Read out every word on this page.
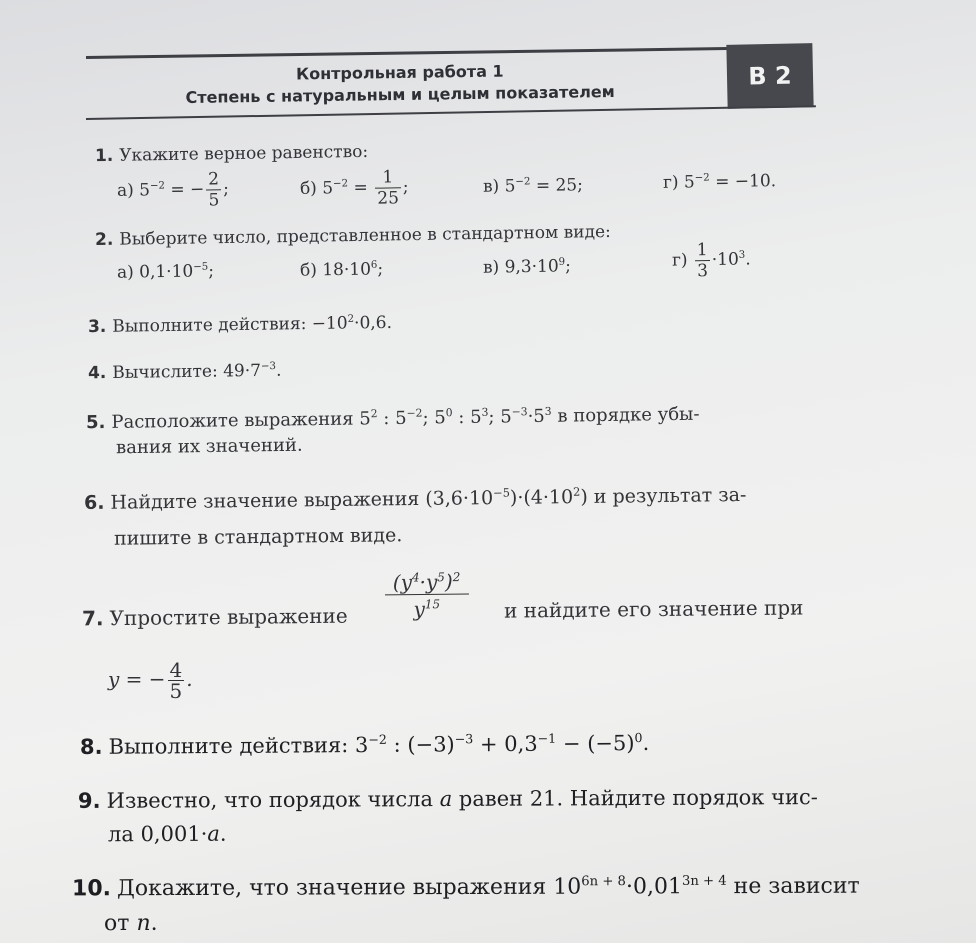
Контрольная работа 1
Степень с натуральным и целым показателем
В 2
1. Укажите верное равенство:
а) $5^{-2}$ = − $\frac{2}{5}$ ;	б) $5^{-2} = \frac{1}{25}$ ;	в) $5^{-2} = 25$;	г) $5^{-2} = -10$.
2. Выберите число, представленное в стандартном виде:
а) $0,1\cdot 10^{-5}$;	б) $18\cdot 10^6$;	в) $9,3\cdot 10^9$;	$г) \frac{1}{3} \cdot 10^3$.
3. Выполните действия: $-10^2\cdot 0,6$.
4. Вычислите: $49\cdot 7^{-3}$.
5. Расположите выражения $5^2$ : $5^{-2}$; $5^0$ : $5^3$; $5^{-3}\cdot 5^3$ в порядке убы-
вания их значений.
6. Найдите значение выражения $(3,6\cdot 10^{-5})\cdot(4\cdot 10^2)$ и результат за-
пишите в стандартном виде.
7. Упростите выражение $\frac{(y^4\cdot y^5)^2}{y^{15}}$ и найдите его значение при
y = − $\frac{4}{5}$ .
8. Выполните действия: $3^{-2}$ : $(-3)^{-3} + 0,3^{-1} - (-5)^0$.
9. Известно, что порядок числа a равен 21. Найдите порядок чис-
ла 0,001·a.
10. Докажите, что значение выражения $10^{6n + 8}\cdot 0,01^{3n + 4}$ не зависит
от n.
